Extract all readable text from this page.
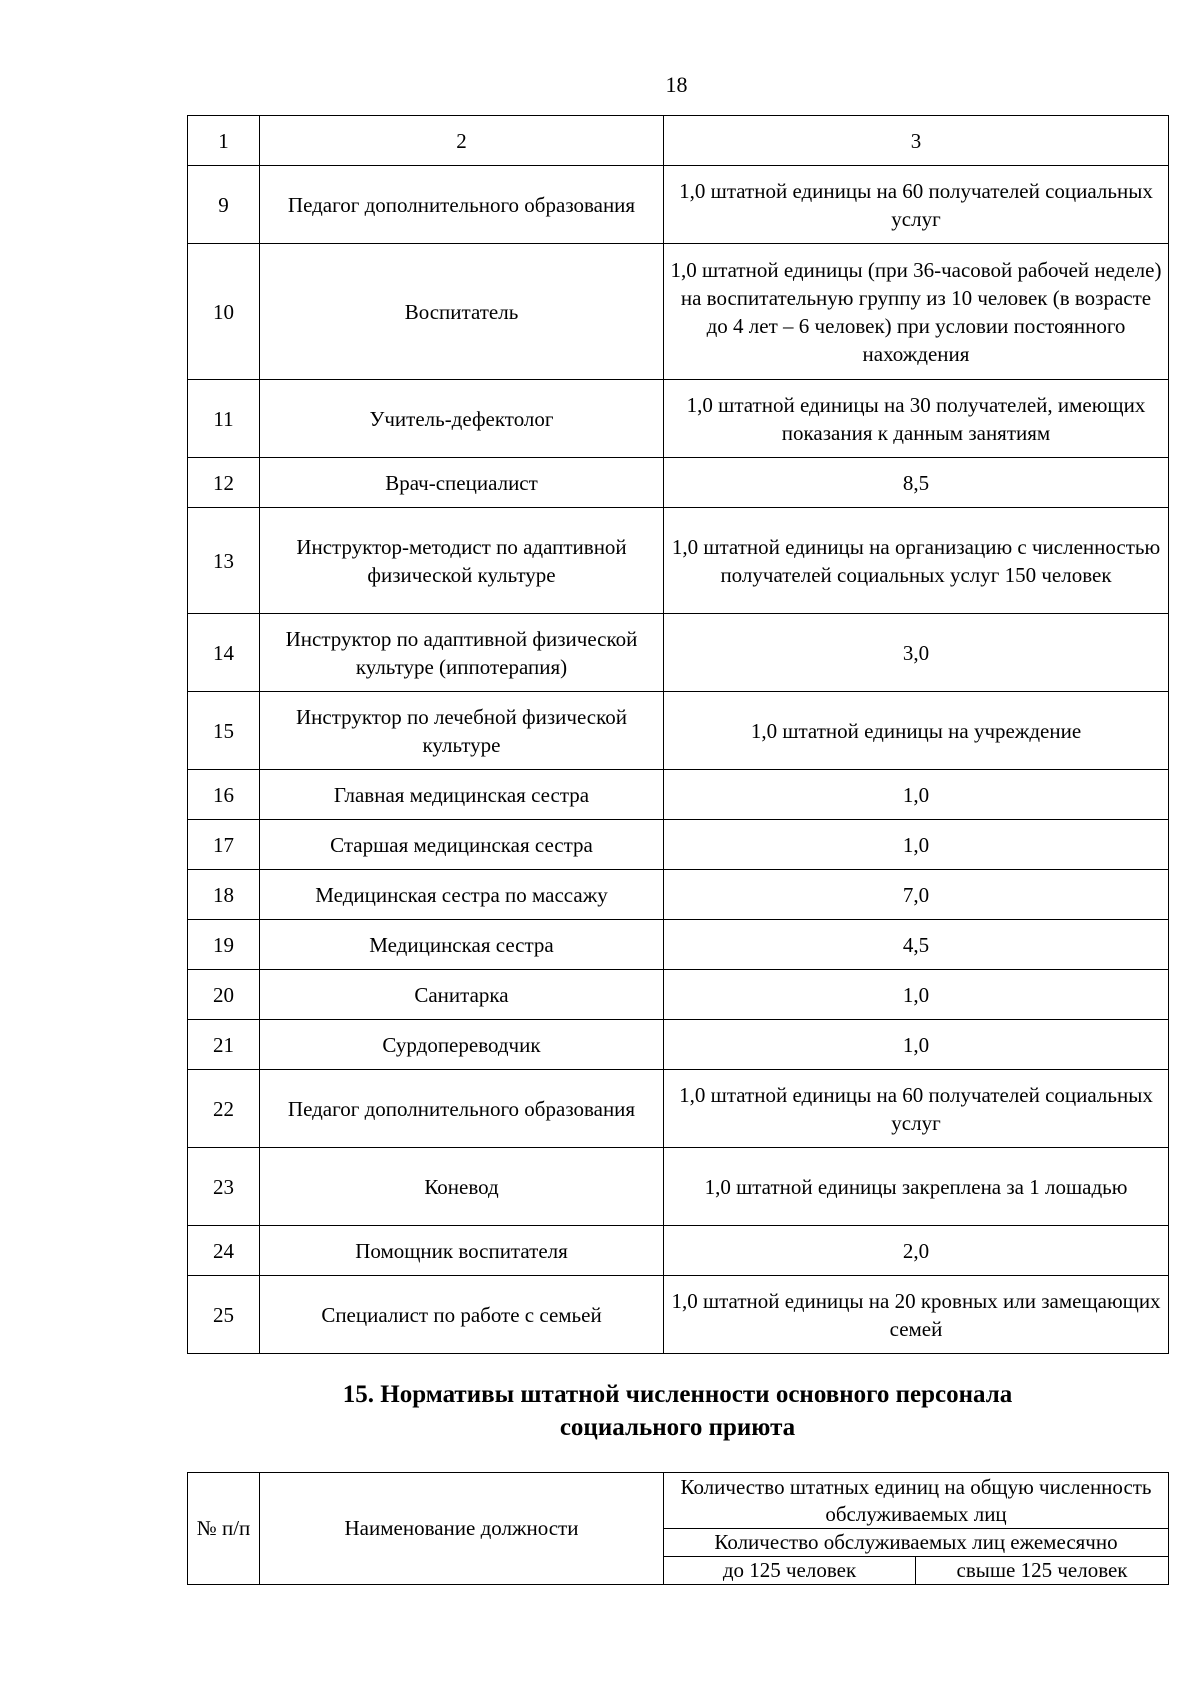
18
1	2	3
9	Педагог дополнительного образования	1,0 штатной единицы на 60 получателей социальных услуг
10	Воспитатель	1,0 штатной единицы (при 36-часовой рабочей неделе) на воспитательную группу из 10 человек (в возрасте до 4 лет – 6 человек) при условии постоянного нахождения
11	Учитель-дефектолог	1,0 штатной единицы на 30 получателей, имеющих показания к данным занятиям
12	Врач-специалист	8,5
13	Инструктор-методист по адаптивной физической культуре	1,0 штатной единицы на организацию с численностью получателей социальных услуг 150 человек
14	Инструктор по адаптивной физической культуре (иппотерапия)	3,0
15	Инструктор по лечебной физической культуре	1,0 штатной единицы на учреждение
16	Главная медицинская сестра	1,0
17	Старшая медицинская сестра	1,0
18	Медицинская сестра по массажу	7,0
19	Медицинская сестра	4,5
20	Санитарка	1,0
21	Сурдопереводчик	1,0
22	Педагог дополнительного образования	1,0 штатной единицы на 60 получателей социальных услуг
23	Коневод	1,0 штатной единицы закреплена за 1 лошадью
24	Помощник воспитателя	2,0
25	Специалист по работе с семьей	1,0 штатной единицы на 20 кровных или замещающих семей
15. Нормативы штатной численности основного персонала
социального приюта
№ п/п	Наименование должности	Количество штатных единиц на общую численность обслуживаемых лиц	
		Количество обслуживаемых лиц ежемесячно	
		до 125 человек	свыше 125 человек
